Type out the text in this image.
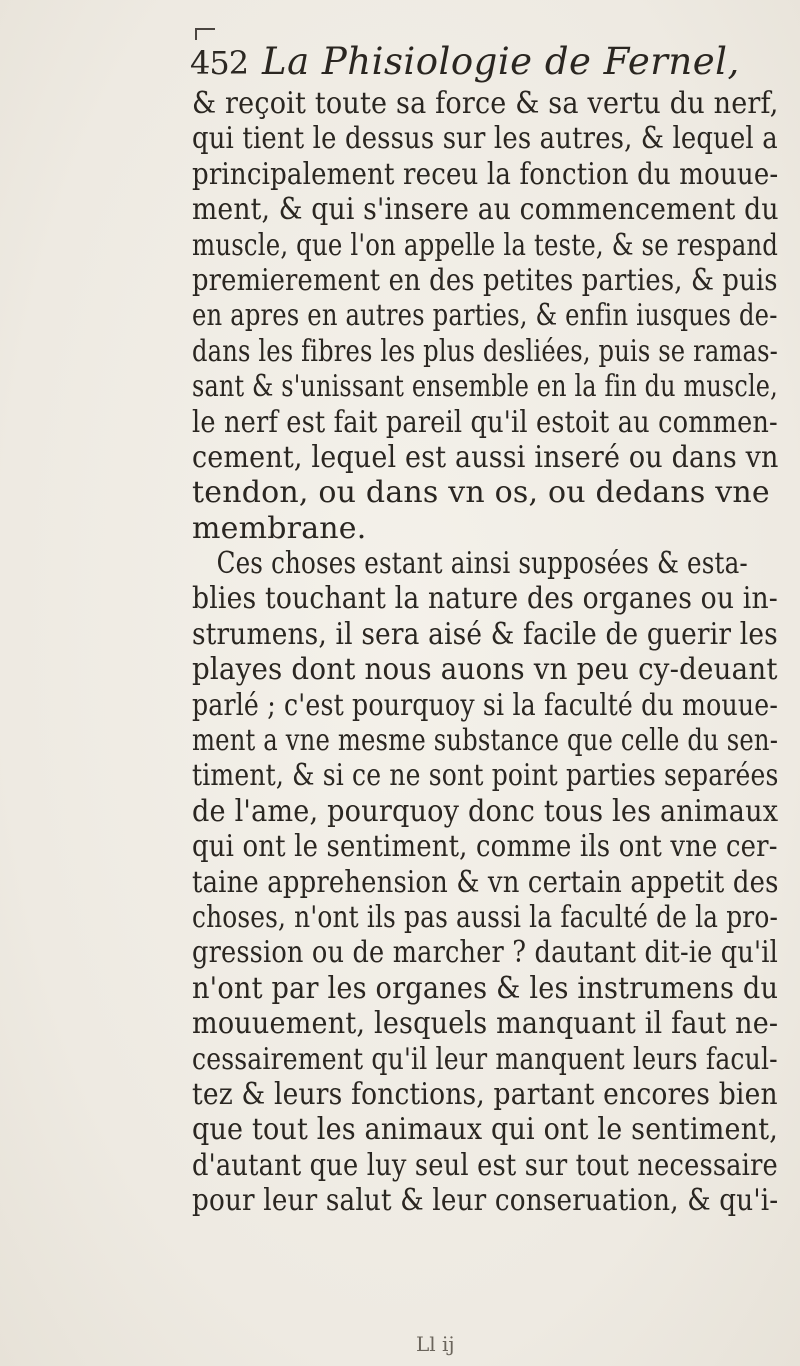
452 La Phisiologie de Fernel,
& reçoit toute sa force & sa vertu du nerf,
qui tient le dessus sur les autres, & lequel a
principalement receu la fonction du mouue-
ment, & qui s'insere au commencement du
muscle, que l'on appelle la teste, & se respand
premierement en des petites parties, & puis
en apres en autres parties, & enfin iusques de-
dans les fibres les plus desliées, puis se ramas-
sant & s'unissant ensemble en la fin du muscle,
le nerf est fait pareil qu'il estoit au commen-
cement, lequel est aussi inseré ou dans vn
tendon, ou dans vn os, ou dedans vne
membrane.
Ces choses estant ainsi supposées & esta-
blies touchant la nature des organes ou in-
strumens, il sera aisé & facile de guerir les
playes dont nous auons vn peu cy-deuant
parlé ; c'est pourquoy si la faculté du mouue-
ment a vne mesme substance que celle du sen-
timent, & si ce ne sont point parties separées
de l'ame, pourquoy donc tous les animaux
qui ont le sentiment, comme ils ont vne cer-
taine apprehension & vn certain appetit des
choses, n'ont ils pas aussi la faculté de la pro-
gression ou de marcher ? dautant dit-ie qu'il
n'ont par les organes & les instrumens du
mouuement, lesquels manquant il faut ne-
cessairement qu'il leur manquent leurs facul-
tez & leurs fonctions, partant encores bien
que tout les animaux qui ont le sentiment,
d'autant que luy seul est sur tout necessaire
pour leur salut & leur conseruation, & qu'i-
Ll ij
